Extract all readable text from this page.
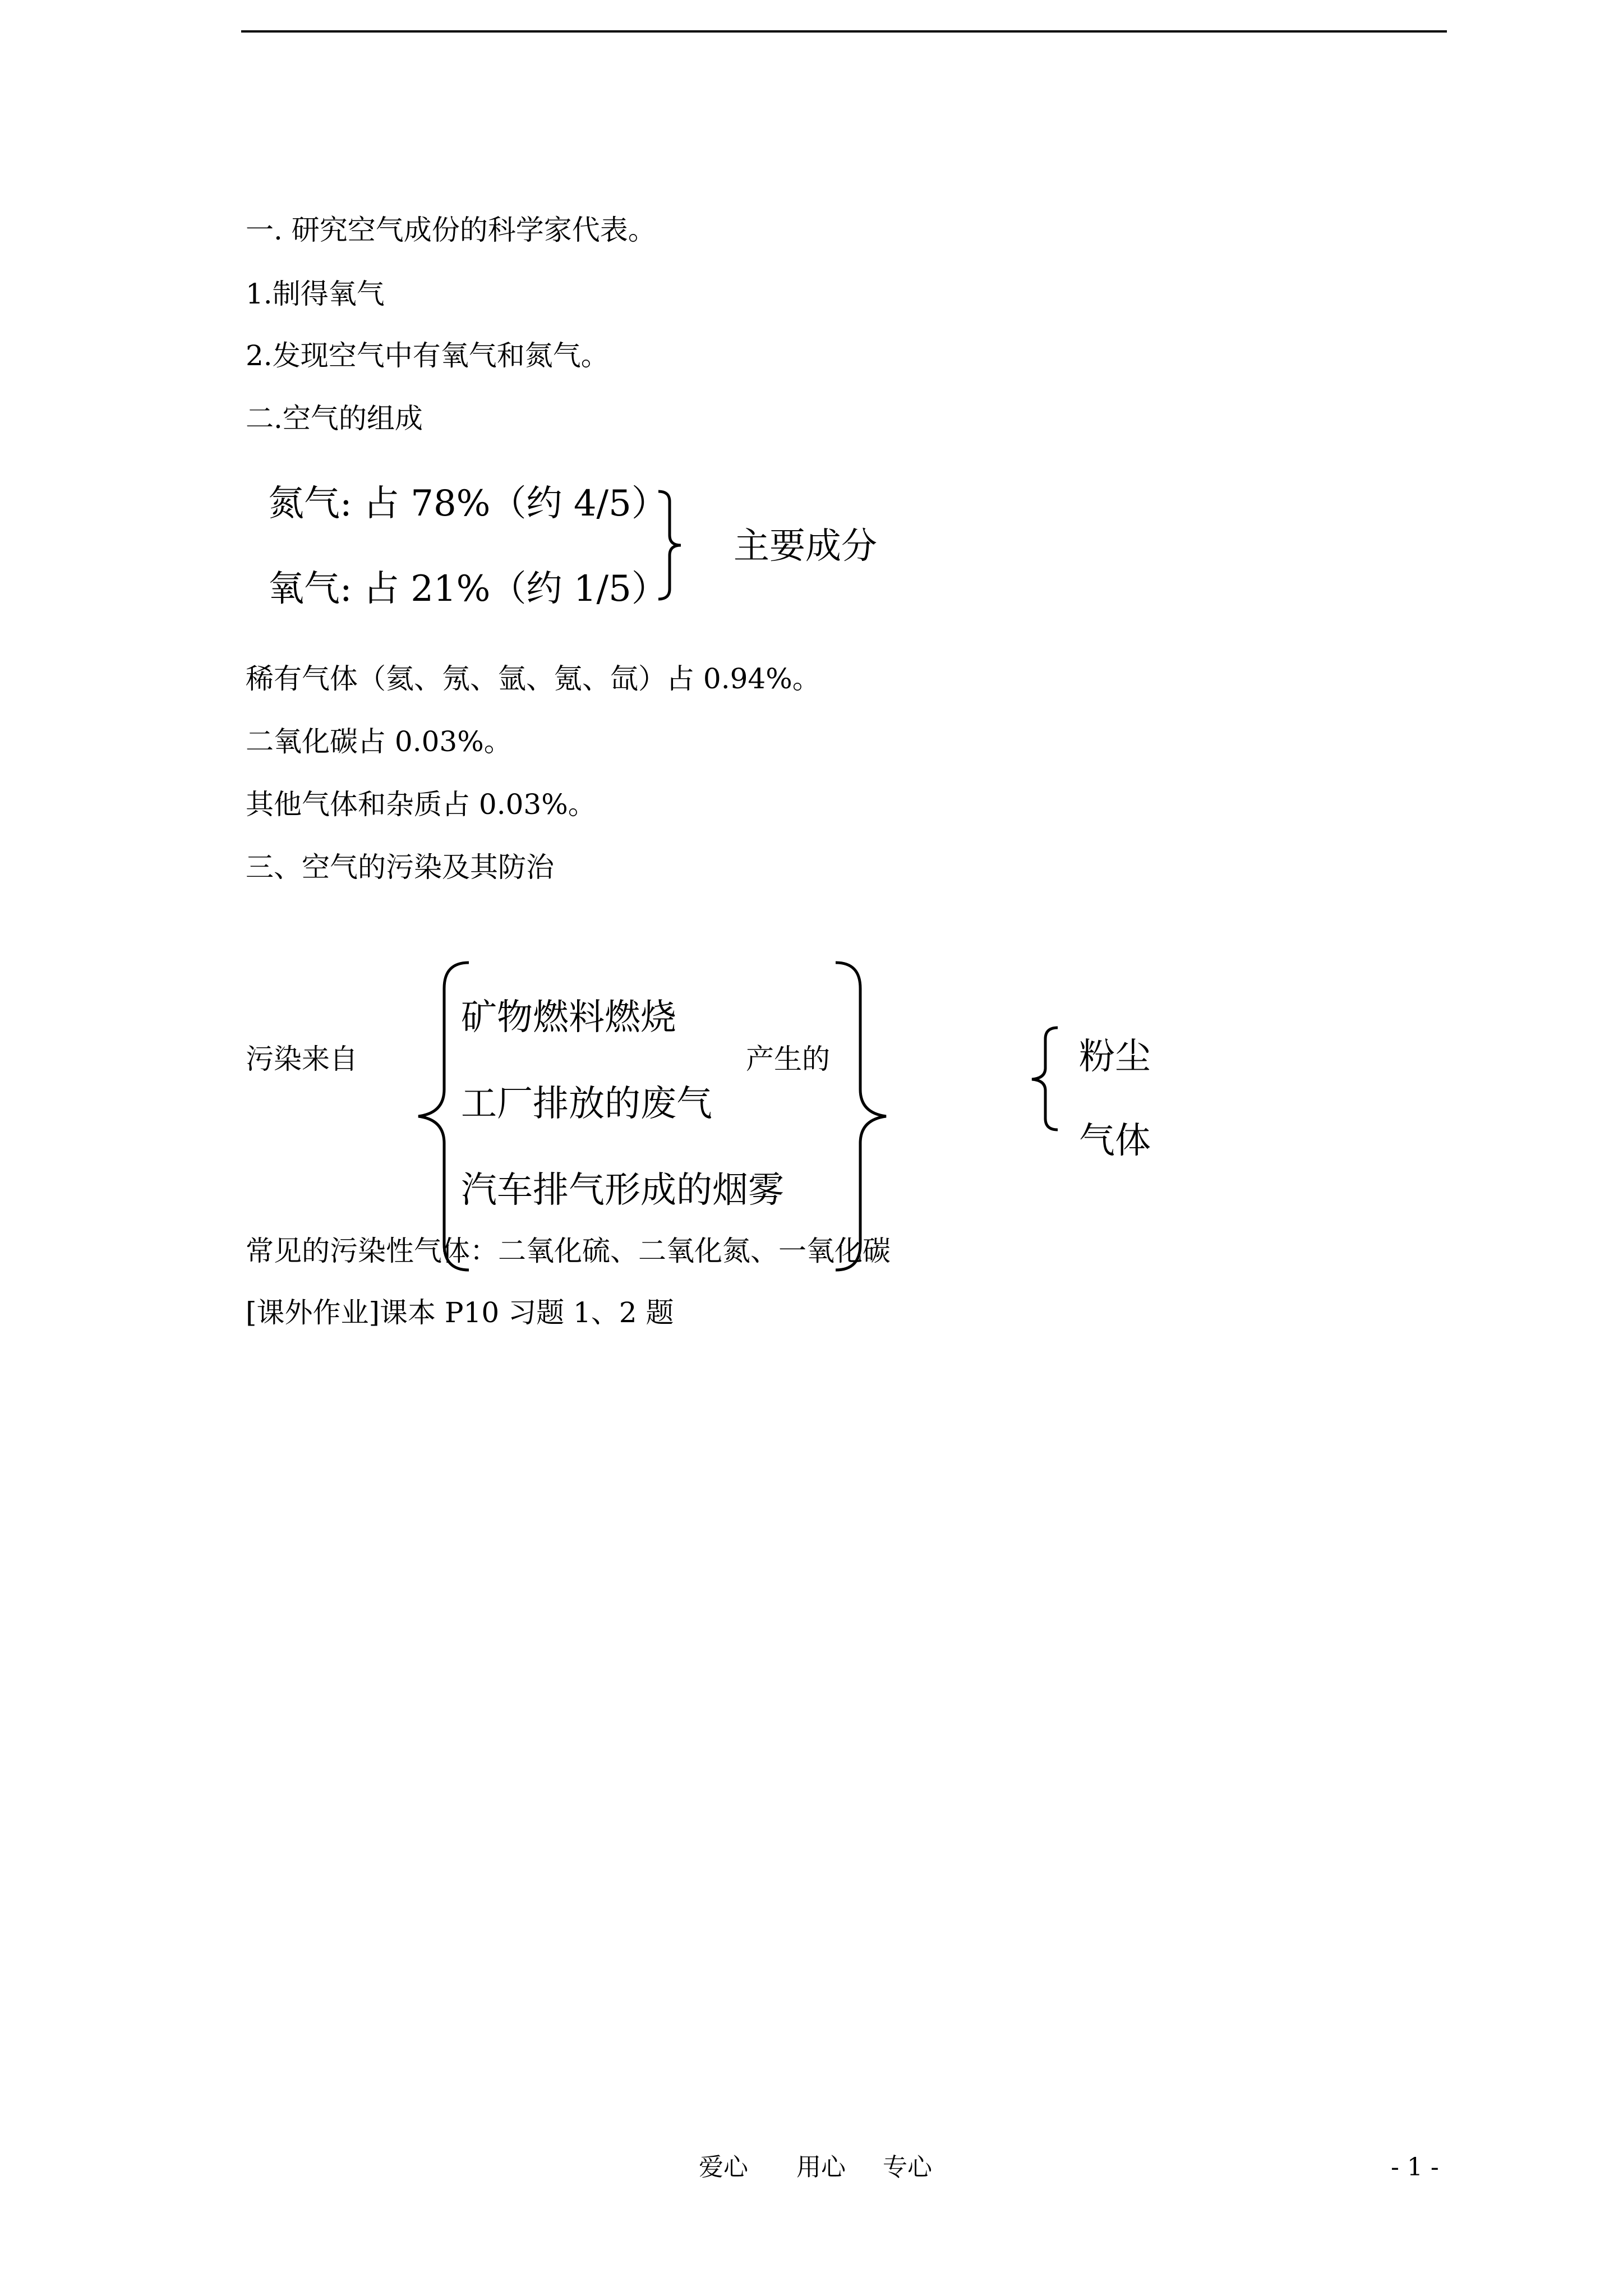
一. 研究空气成份的科学家代表。
1.制得氧气
2.发现空气中有氧气和氮气。
二.空气的组成
氮气: 占 78%（约 4/5）
氧气: 占 21%（约 1/5）
主要成分
稀有气体（氦、氖、氩、氪、氙）占 0.94%。
二氧化碳占 0.03%。
其他气体和杂质占 0.03%。
三、空气的污染及其防治
污染来自
矿物燃料燃烧
工厂排放的废气
汽车排气形成的烟雾
产生的	粉尘
气体
常见的污染性气体：二氧化硫、二氧化氮、一氧化碳
[课外作业]课本 P10 习题 1、2 题
爱心 用心 专心	- 1 -
